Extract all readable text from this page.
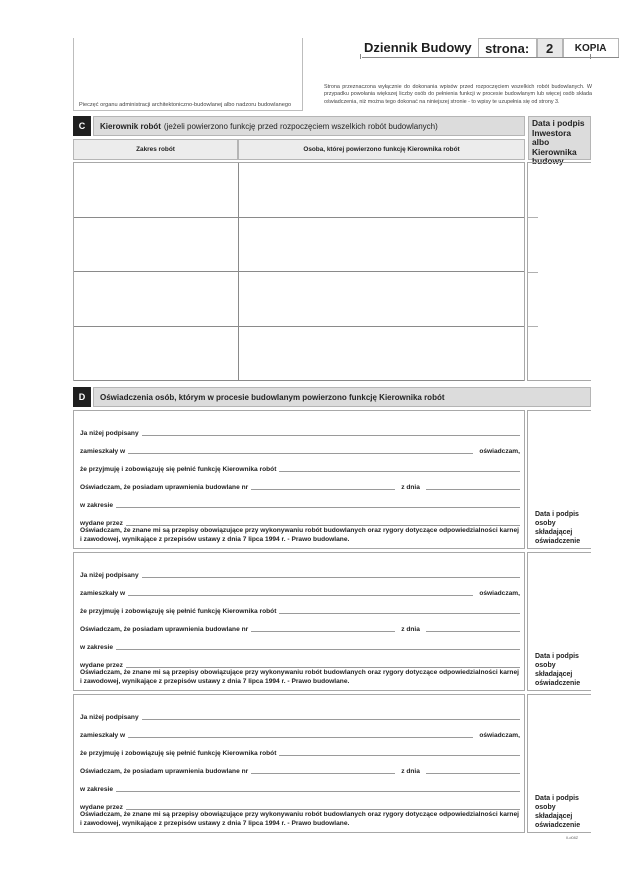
Pieczęć organu administracji architektoniczno-budowlanej albo nadzoru budowlanego
Dziennik Budowy	strona:	2	KOPIA
Strona przeznaczona wyłącznie do dokonania wpisów przed rozpoczęciem wszelkich robót budowlanych. W przypadku powołania większej liczby osób do pełnienia funkcji w procesie budowlanym lub więcej osób składa oświadczenia, niż można tego dokonać na niniejszej stronie - to wpisy te uzupełnia się od strony 3.
C	Kierownik robót (jeżeli powierzono funkcję przed rozpoczęciem wszelkich robót budowlanych)	Data i podpis Inwestora albo Kierownika budowy
Zakres robót	Osoba, której powierzono funkcję Kierownika robót
D	Oświadczenia osób, którym w procesie budowlanym powierzono funkcję Kierownika robót
Ja niżej podpisany
zamieszkały w	oświadczam,
że przyjmuję i zobowiązuję się pełnić funkcję Kierownika robót
Oświadczam, że posiadam uprawnienia budowlane nr	z dnia
w zakresie
wydane przez
Oświadczam, że znane mi są przepisy obowiązujące przy wykonywaniu robót budowlanych oraz rygory dotyczące odpowiedzialności karnej i zawodowej, wynikające z przepisów ustawy z dnia 7 lipca 1994 r. - Prawo budowlane.
Data i podpis osoby składającej oświadczenie
Ja niżej podpisany
zamieszkały w	oświadczam,
że przyjmuję i zobowiązuję się pełnić funkcję Kierownika robót
Oświadczam, że posiadam uprawnienia budowlane nr	z dnia
w zakresie
wydane przez
Oświadczam, że znane mi są przepisy obowiązujące przy wykonywaniu robót budowlanych oraz rygory dotyczące odpowiedzialności karnej i zawodowej, wynikające z przepisów ustawy z dnia 7 lipca 1994 r. - Prawo budowlane.
Data i podpis osoby składającej oświadczenie
Ja niżej podpisany
zamieszkały w	oświadczam,
że przyjmuję i zobowiązuję się pełnić funkcję Kierownika robót
Oświadczam, że posiadam uprawnienia budowlane nr	z dnia
w zakresie
wydane przez
Oświadczam, że znane mi są przepisy obowiązujące przy wykonywaniu robót budowlanych oraz rygory dotyczące odpowiedzialności karnej i zawodowej, wynikające z przepisów ustawy z dnia 7 lipca 1994 r. - Prawo budowlane.
Data i podpis osoby składającej oświadczenie
II-d08Z
